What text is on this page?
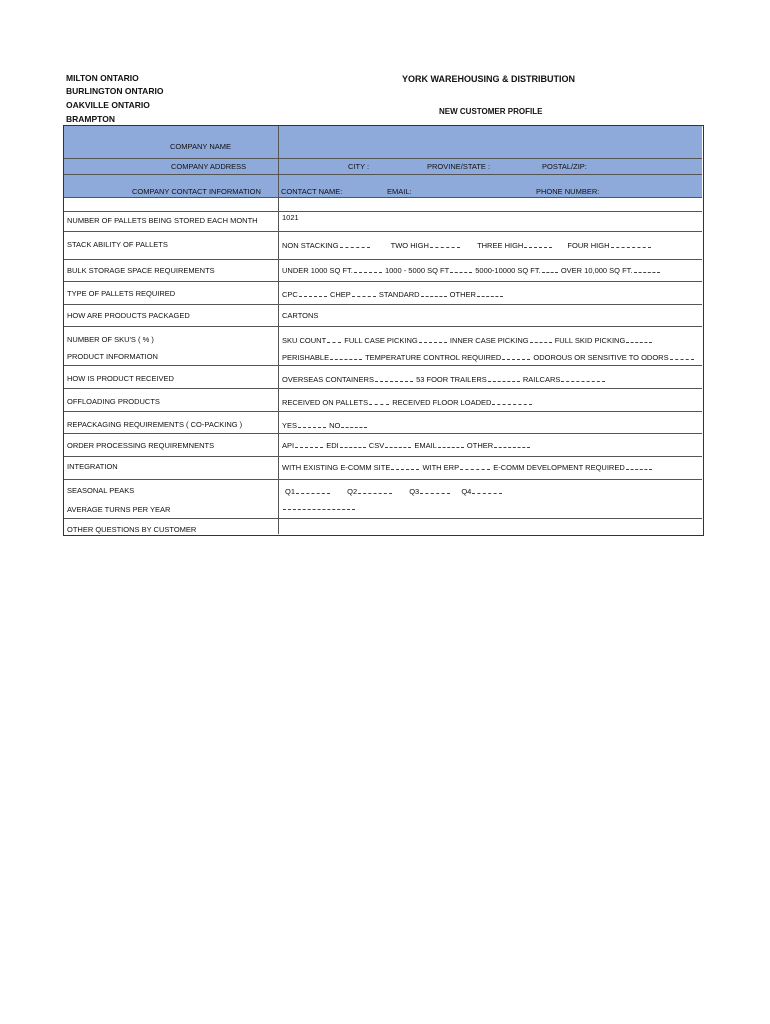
MILTON ONTARIO
BURLINGTON ONTARIO
OAKVILLE ONTARIO
BRAMPTON
YORK WAREHOUSING & DISTRIBUTION
NEW CUSTOMER PROFILE
COMPANY NAME
COMPANY ADDRESS	CITY :	PROVINE/STATE :	POSTAL/ZIP:
COMPANY CONTACT INFORMATION	CONTACT NAME:	EMAIL:	PHONE NUMBER:
NUMBER OF PALLETS BEING STORED EACH MONTH	1021
STACK ABILITY OF PALLETS	NON STACKING	TWO HIGH	THREE HIGH	FOUR HIGH
BULK STORAGE SPACE REQUIREMENTS	UNDER 1000 SQ FT.	1000 - 5000 SQ FT	5000-10000 SQ FT.	OVER 10,000 SQ FT.
TYPE OF PALLETS REQUIRED	CPC	CHEP	STANDARD	OTHER
HOW ARE PRODUCTS PACKAGED	CARTONS
NUMBER OF SKU'S ( % )	SKU COUNT FULL CASE PICKING	INNER CASE PICKING	FULL SKID PICKING
PRODUCT INFORMATION	PERISHABLE	TEMPERATURE CONTROL REQUIRED	ODOROUS OR SENSITIVE TO ODORS
HOW IS PRODUCT RECEIVED	OVERSEAS CONTAINERS	53 FOOR TRAILERS	RAILCARS
OFFLOADING PRODUCTS	RECEIVED ON PALLETS	RECEIVED FLOOR LOADED
REPACKAGING REQUIREMENTS ( CO-PACKING )	YES	NO
ORDER PROCESSING REQUIREMNENTS	API	EDI	CSV	EMAIL	OTHER
INTEGRATION	WITH EXISTING E-COMM SITE	WITH ERP	E-COMM DEVELOPMENT REQUIRED
SEASONAL PEAKS	Q1	Q2	Q3	Q4
AVERAGE TURNS PER YEAR
OTHER QUESTIONS BY CUSTOMER
